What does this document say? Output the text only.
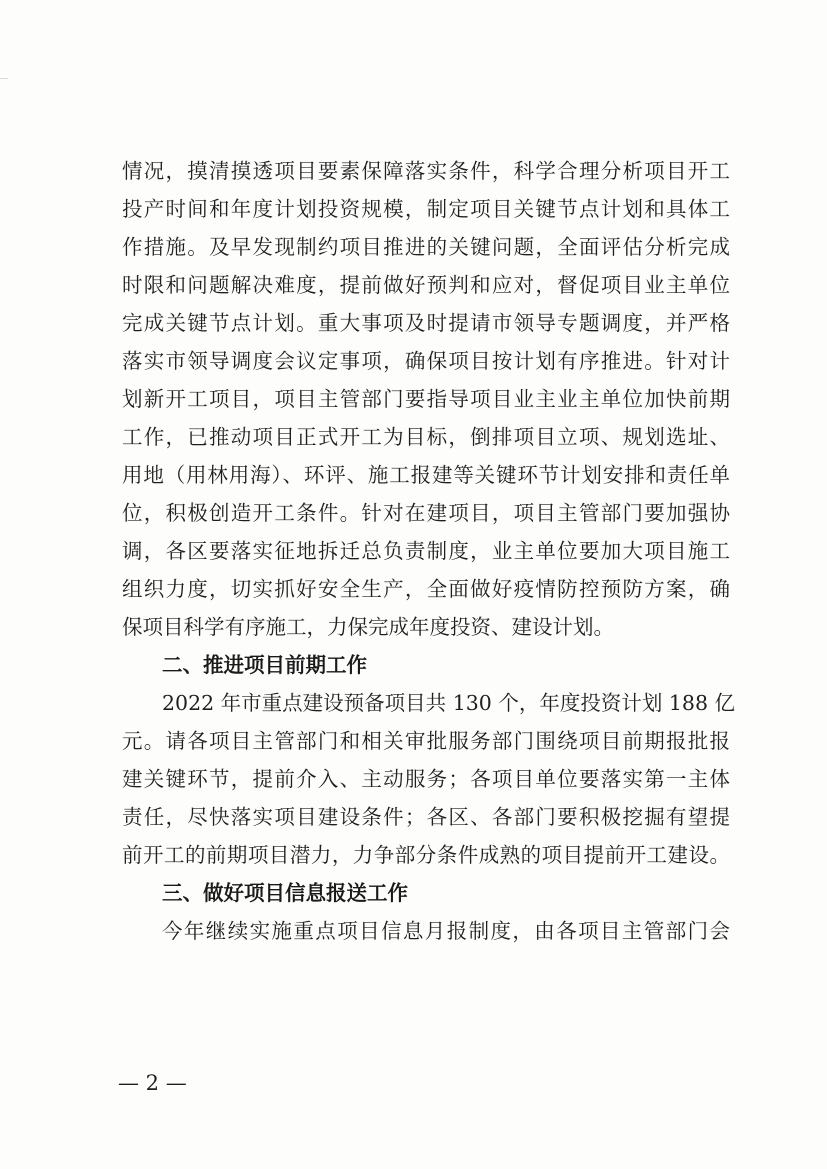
情况，摸清摸透项目要素保障落实条件，科学合理分析项目开工
投产时间和年度计划投资规模，制定项目关键节点计划和具体工
作措施。及早发现制约项目推进的关键问题，全面评估分析完成
时限和问题解决难度，提前做好预判和应对，督促项目业主单位
完成关键节点计划。重大事项及时提请市领导专题调度，并严格
落实市领导调度会议定事项，确保项目按计划有序推进。针对计
划新开工项目，项目主管部门要指导项目业主业主单位加快前期
工作，已推动项目正式开工为目标，倒排项目立项、规划选址、
用地（用林用海）、环评、施工报建等关键环节计划安排和责任单
位，积极创造开工条件。针对在建项目，项目主管部门要加强协
调，各区要落实征地拆迁总负责制度，业主单位要加大项目施工
组织力度，切实抓好安全生产，全面做好疫情防控预防方案，确
保项目科学有序施工，力保完成年度投资、建设计划。
二、推进项目前期工作
2022 年市重点建设预备项目共 130 个，年度投资计划 188 亿
元。请各项目主管部门和相关审批服务部门围绕项目前期报批报
建关键环节，提前介入、主动服务；各项目单位要落实第一主体
责任，尽快落实项目建设条件；各区、各部门要积极挖掘有望提
前开工的前期项目潜力，力争部分条件成熟的项目提前开工建设。
三、做好项目信息报送工作
今年继续实施重点项目信息月报制度，由各项目主管部门会
— 2 —
